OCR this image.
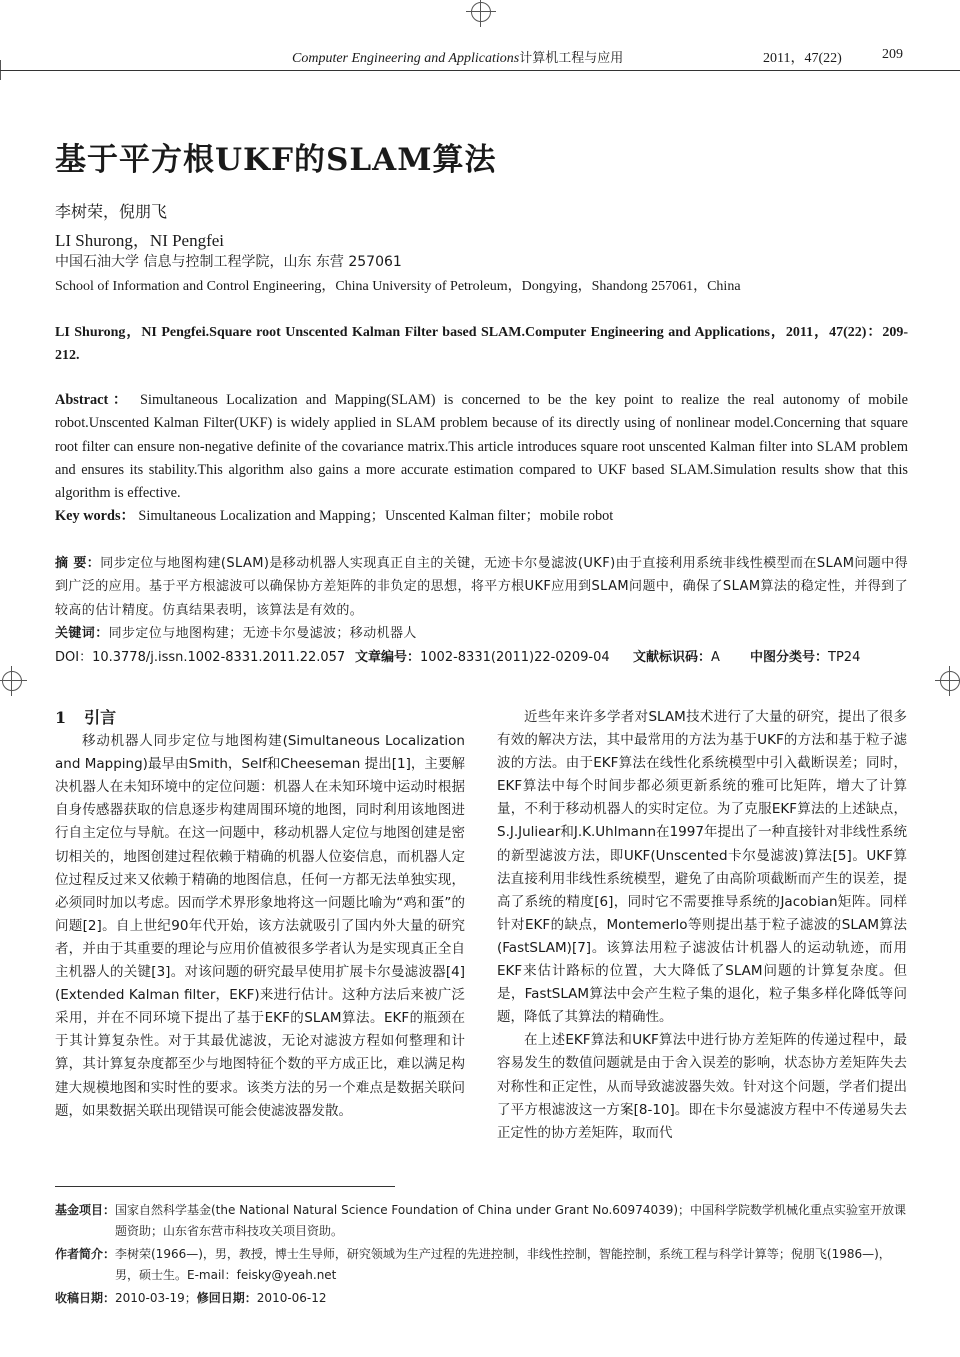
Computer Engineering and Applications计算机工程与应用	2011，47(22)	209
基于平方根UKF的SLAM算法
李树荣，倪朋飞
LI Shurong，NI Pengfei
中国石油大学 信息与控制工程学院，山东 东营 257061
School of Information and Control Engineering，China University of Petroleum，Dongying，Shandong 257061，China
LI Shurong，NI Pengfei.Square root Unscented Kalman Filter based SLAM.Computer Engineering and Applications，2011，47(22)：209-212.
Abstract： Simultaneous Localization and Mapping(SLAM) is concerned to be the key point to realize the real autonomy of mobile robot.Unscented Kalman Filter(UKF) is widely applied in SLAM problem because of its directly using of nonlinear model.Concerning that square root filter can ensure non-negative definite of the covariance matrix.This article introduces square root unscented Kalman filter into SLAM problem and ensures its stability.This algorithm also gains a more accurate estimation compared to UKF based SLAM.Simulation results show that this algorithm is effective.
Key words： Simultaneous Localization and Mapping；Unscented Kalman filter；mobile robot
摘 要：同步定位与地图构建(SLAM)是移动机器人实现真正自主的关键，无迹卡尔曼滤波(UKF)由于直接利用系统非线性模型而在SLAM问题中得到广泛的应用。基于平方根滤波可以确保协方差矩阵的非负定的思想，将平方根UKF应用到SLAM问题中，确保了SLAM算法的稳定性，并得到了较高的估计精度。仿真结果表明，该算法是有效的。
关键词：同步定位与地图构建；无迹卡尔曼滤波；移动机器人
DOI：10.3778/j.issn.1002-8331.2011.22.057 文章编号：1002-8331(2011)22-0209-04 文献标识码：A 中图分类号：TP24
1 引言

移动机器人同步定位与地图构建(Simultaneous Localization and Mapping)最早由Smith，Self和Cheeseman 提出[1]，主要解决机器人在未知环境中的定位问题：机器人在未知环境中运动时根据自身传感器获取的信息逐步构建周围环境的地图，同时利用该地图进行自主定位与导航。在这一问题中，移动机器人定位与地图创建是密切相关的，地图创建过程依赖于精确的机器人位姿信息，而机器人定位过程反过来又依赖于精确的地图信息，任何一方都无法单独实现，必须同时加以考虑。因而学术界形象地将这一问题比喻为“鸡和蛋”的问题[2]。自上世纪90年代开始，该方法就吸引了国内外大量的研究者，并由于其重要的理论与应用价值被很多学者认为是实现真正全自主机器人的关键[3]。对该问题的研究最早使用扩展卡尔曼滤波器[4](Extended Kalman filter，EKF)来进行估计。这种方法后来被广泛采用，并在不同环境下提出了基于EKF的SLAM算法。EKF的瓶颈在于其计算复杂性。对于其最优滤波，无论对滤波方程如何整理和计算，其计算复杂度都至少与地图特征个数的平方成正比，难以满足构建大规模地图和实时性的要求。该类方法的另一个难点是数据关联问题，如果数据关联出现错误可能会使滤波器发散。

近些年来许多学者对SLAM技术进行了大量的研究，提出了很多有效的解决方法，其中最常用的方法为基于UKF的方法和基于粒子滤波的方法。由于EKF算法在线性化系统模型中引入截断误差；同时，EKF算法中每个时间步都必须更新系统的雅可比矩阵，增大了计算量，不利于移动机器人的实时定位。为了克服EKF算法的上述缺点，S.J.Juliear和J.K.Uhlmann在1997年提出了一种直接针对非线性系统的新型滤波方法，即UKF(Unscented卡尔曼滤波)算法[5]。UKF算法直接利用非线性系统模型，避免了由高阶项截断而产生的误差，提高了系统的精度[6]，同时它不需要推导系统的Jacobian矩阵。同样针对EKF的缺点，Montemerlo等则提出基于粒子滤波的SLAM算法(FastSLAM)[7]。该算法用粒子滤波估计机器人的运动轨迹，而用EKF来估计路标的位置，大大降低了SLAM问题的计算复杂度。但是，FastSLAM算法中会产生粒子集的退化，粒子集多样化降低等问题，降低了其算法的精确性。

在上述EKF算法和UKF算法中进行协方差矩阵的传递过程中，最容易发生的数值问题就是由于舍入误差的影响，状态协方差矩阵失去对称性和正定性，从而导致滤波器失效。针对这个问题，学者们提出了平方根滤波这一方案[8-10]。即在卡尔曼滤波方程中不传递易失去正定性的协方差矩阵，取而代

基金项目： 国家自然科学基金(the National Natural Science Foundation of China under Grant No.60974039)；中国科学院数学机械化重点实验室开放课题资助；山东省东营市科技攻关项目资助。
作者简介： 李树荣(1966—)，男，教授，博士生导师，研究领域为生产过程的先进控制，非线性控制，智能控制，系统工程与科学计算等；倪朋飞(1986—)，男，硕士生。E-mail：feisky@yeah.net
收稿日期：2010-03-19；修回日期：2010-06-12
